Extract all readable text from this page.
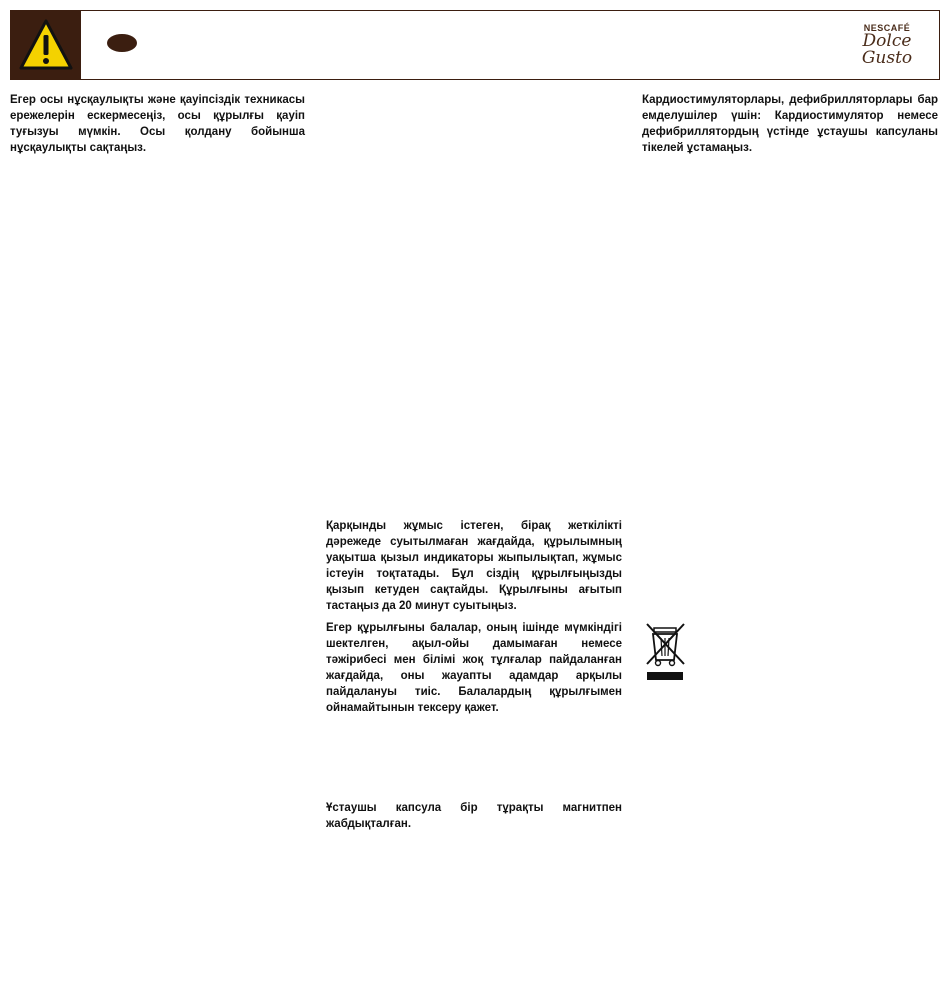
NESCAFÉ
Dolce
Gusto

Егер осы нұсқаулықты және қауіпсіздік техникасы ережелерін ескермесеңіз, осы құрылғы қауіп туғызуы мүмкін. Осы қолдану бойынша нұсқаулықты сақтаңыз.

Кардиостимуляторлары, дефибрилляторлары бар емделушілер үшін: Кардиостимулятор немесе дефибриллятордың үстінде ұстаушы капсуланы тікелей ұстамаңыз.

Қарқынды жұмыс істеген, бірақ жеткілікті дәрежеде суытылмаған жағдайда, құрылымның уақытша қызыл индикаторы жыпылықтап, жұмыс істеуін тоқтатады. Бұл сіздің құрылғыңызды қызып кетуден сақтайды. Құрылғыны ағытып тастаңыз да 20 минут суытыңыз.

Егер құрылғыны балалар, оның ішінде мүмкіндігі шектелген, ақыл-ойы дамымаған немесе тәжірибесі мен білімі жоқ тұлғалар пайдаланған жағдайда, оны жауапты адамдар арқылы пайдалануы тиіс. Балалардың құрылғымен ойнамайтынын тексеру қажет.

Ұстаушы капсула бір тұрақты магнитпен жабдықталған.
